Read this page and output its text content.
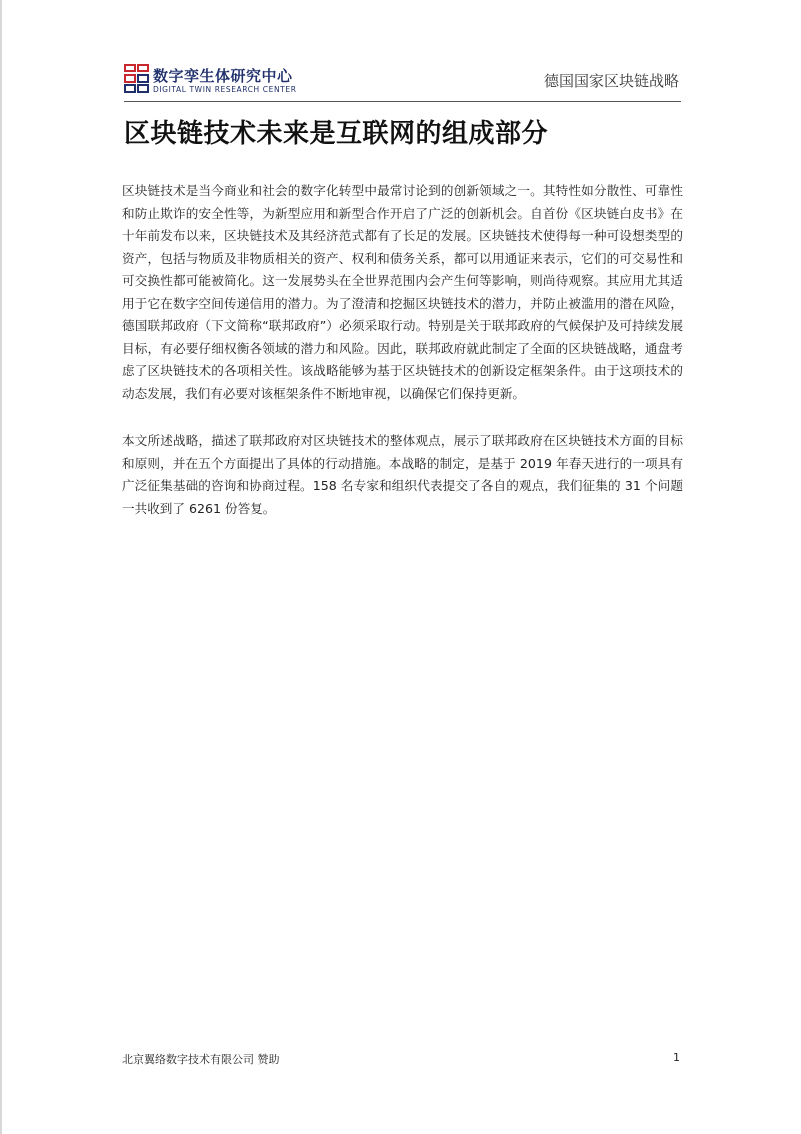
数字孪生体研究中心
DIGITAL TWIN RESEARCH CENTER	德国国家区块链战略
区块链技术未来是互联网的组成部分
区块链技术是当今商业和社会的数字化转型中最常讨论到的创新领域之一。其特性如分散性、可靠性和防止欺诈的安全性等，为新型应用和新型合作开启了广泛的创新机会。自首份《区块链白皮书》在十年前发布以来，区块链技术及其经济范式都有了长足的发展。区块链技术使得每一种可设想类型的资产，包括与物质及非物质相关的资产、权利和债务关系，都可以用通证来表示，它们的可交易性和可交换性都可能被简化。这一发展势头在全世界范围内会产生何等影响，则尚待观察。其应用尤其适用于它在数字空间传递信用的潜力。为了澄清和挖掘区块链技术的潜力，并防止被滥用的潜在风险，德国联邦政府（下文简称“联邦政府”）必须采取行动。特别是关于联邦政府的气候保护及可持续发展目标，有必要仔细权衡各领域的潜力和风险。因此，联邦政府就此制定了全面的区块链战略，通盘考虑了区块链技术的各项相关性。该战略能够为基于区块链技术的创新设定框架条件。由于这项技术的动态发展，我们有必要对该框架条件不断地审视，以确保它们保持更新。
本文所述战略，描述了联邦政府对区块链技术的整体观点，展示了联邦政府在区块链技术方面的目标和原则，并在五个方面提出了具体的行动措施。本战略的制定，是基于 2019 年春天进行的一项具有广泛征集基础的咨询和协商过程。158 名专家和组织代表提交了各自的观点，我们征集的 31 个问题一共收到了 6261 份答复。
北京翼络数字技术有限公司 赞助	1
